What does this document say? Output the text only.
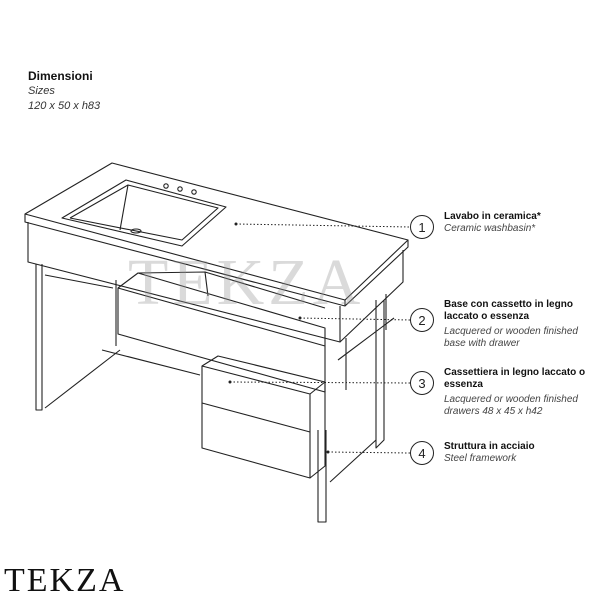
Dimensioni
Sizes
120 x 50 x h83
TEKZA
1
Lavabo in ceramica*
Ceramic washbasin*
2
Base con cassetto in legno laccato o essenza
Lacquered or wooden finished base with drawer
3
Cassettiera in legno laccato o essenza
Lacquered or wooden finished drawers 48 x 45 x h42
4	Struttura in acciaio
Steel framework
TEKZA
